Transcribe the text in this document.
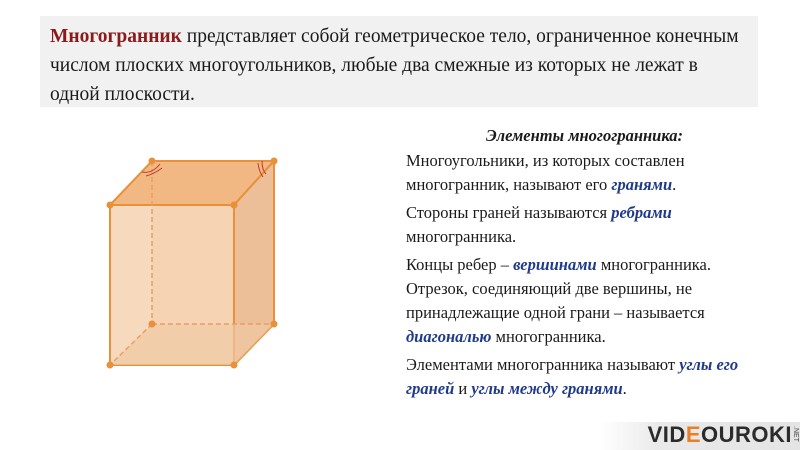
Многогранник представляет собой геометрическое тело, ограниченное конечным числом плоских многоугольников, любые два смежные из которых не лежат в одной плоскости.
Элементы многогранника:

Многоугольники, из которых составлен многогранник, называют его гранями.

Стороны граней называются ребрами многогранника.

Концы ребер – вершинами многогранника.

Отрезок, соединяющий две вершины, не принадлежащие одной грани – называется диагональю многогранника.

Элементами многогранника называют углы его граней и углы между гранями.

VIDEOUROKI .NET
